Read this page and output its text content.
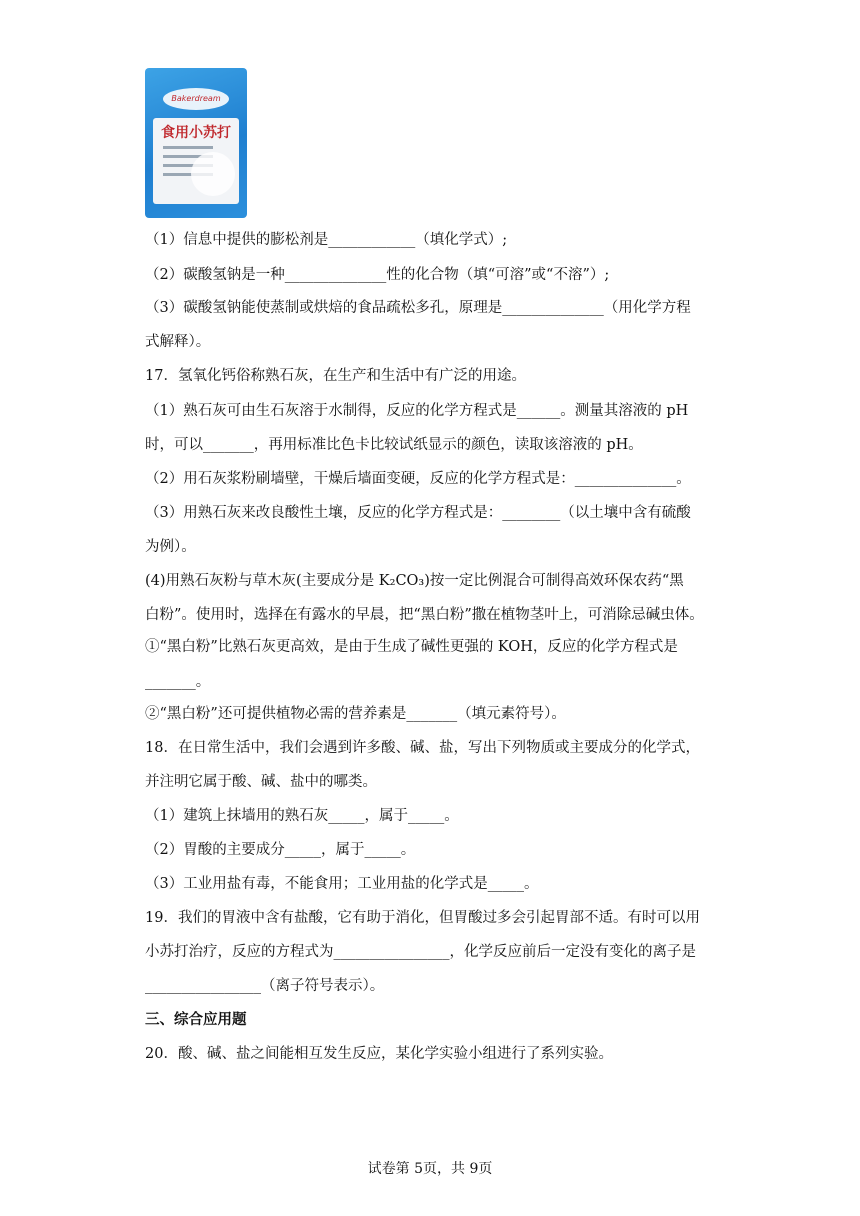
Bakerdream
食用小苏打
（1）信息中提供的膨松剂是____________（填化学式）;
（2）碳酸氢钠是一种______________性的化合物（填“可溶”或“不溶”）;
（3）碳酸氢钠能使蒸制或烘焙的食品疏松多孔，原理是______________（用化学方程
式解释）。
17．氢氧化钙俗称熟石灰，在生产和生活中有广泛的用途。
（1）熟石灰可由生石灰溶于水制得，反应的化学方程式是______。测量其溶液的 pH
时，可以_______，再用标准比色卡比较试纸显示的颜色，读取该溶液的 pH。
（2）用石灰浆粉刷墙壁，干燥后墙面变硬，反应的化学方程式是：______________。
（3）用熟石灰来改良酸性土壤，反应的化学方程式是：________（以土壤中含有硫酸
为例）。
(4)用熟石灰粉与草木灰(主要成分是 K₂CO₃)按一定比例混合可制得高效环保农药“黑
白粉”。使用时，选择在有露水的早晨，把“黑白粉”撒在植物茎叶上，可消除忌碱虫体。
①“黑白粉”比熟石灰更高效，是由于生成了碱性更强的 KOH，反应的化学方程式是
_______。
②“黑白粉”还可提供植物必需的营养素是_______（填元素符号）。
18．在日常生活中，我们会遇到许多酸、碱、盐，写出下列物质或主要成分的化学式，
并注明它属于酸、碱、盐中的哪类。
（1）建筑上抹墙用的熟石灰_____，属于_____。
（2）胃酸的主要成分_____，属于_____。
（3）工业用盐有毒，不能食用；工业用盐的化学式是_____。
19．我们的胃液中含有盐酸，它有助于消化，但胃酸过多会引起胃部不适。有时可以用
小苏打治疗，反应的方程式为________________，化学反应前后一定没有变化的离子是
________________（离子符号表示）。
三、综合应用题
20．酸、碱、盐之间能相互发生反应，某化学实验小组进行了系列实验。
试卷第 5页，共 9页
